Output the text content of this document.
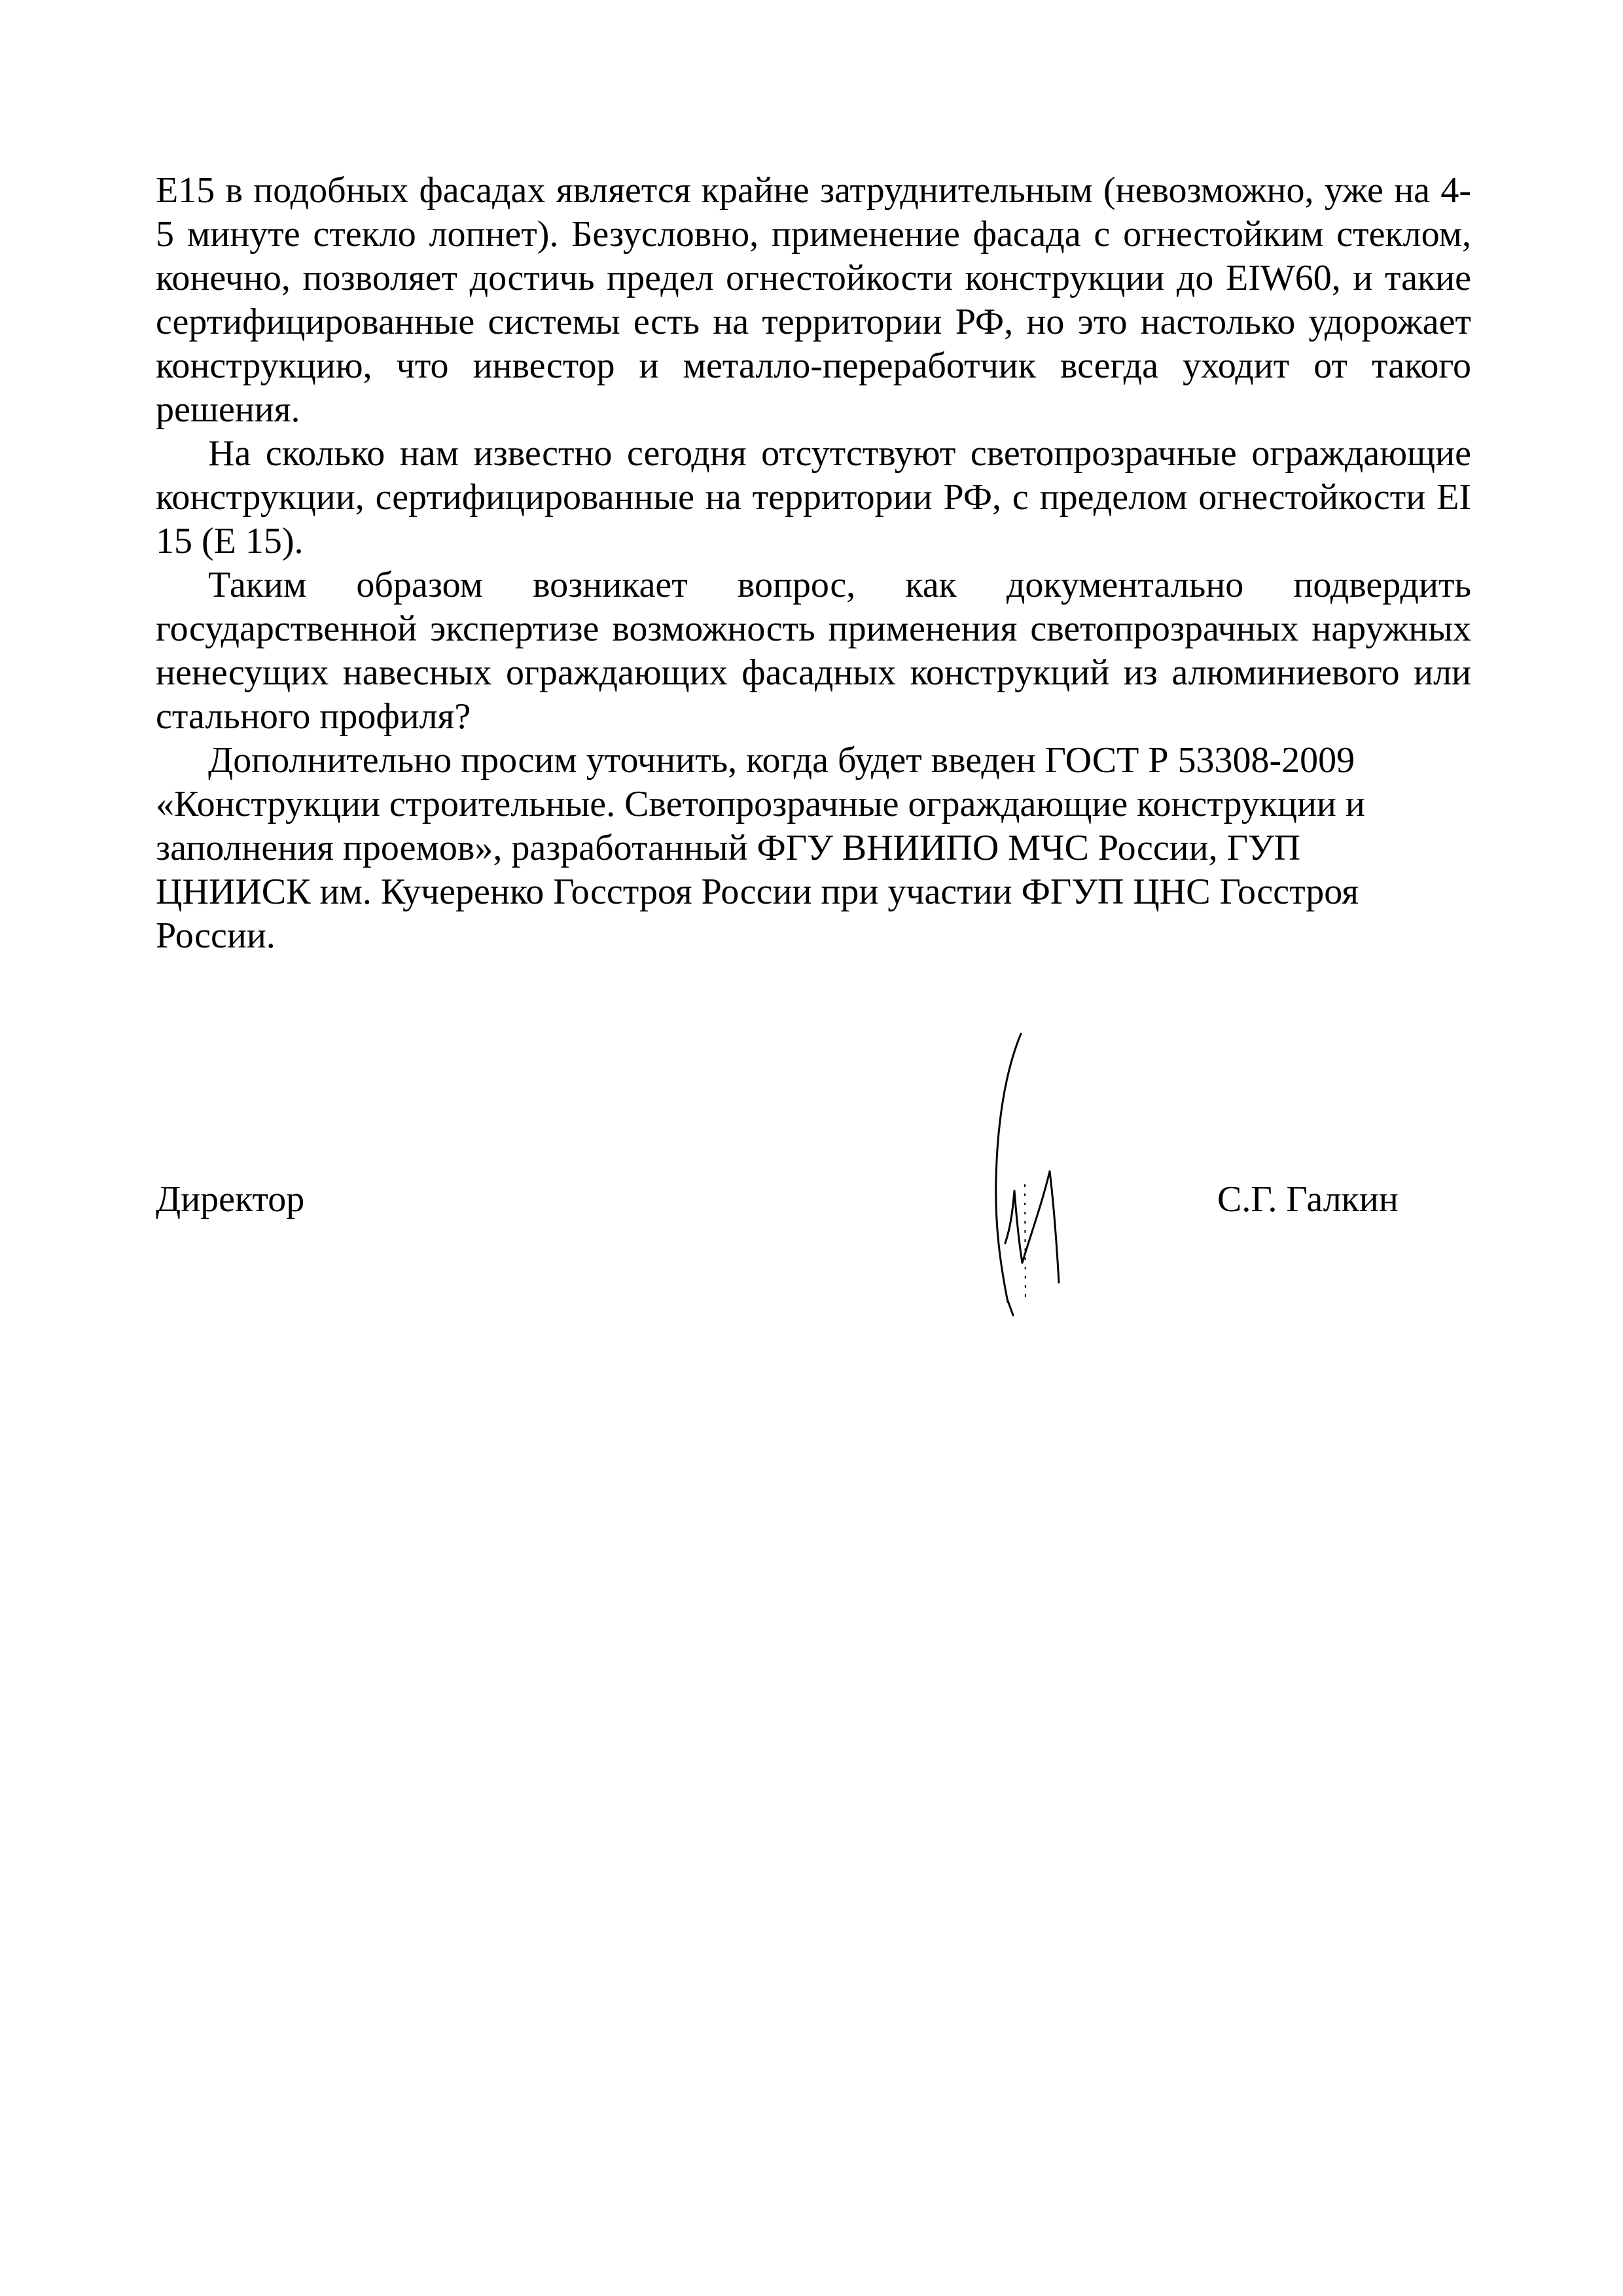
E15 в подобных фасадах является крайне затруднительным (невозможно, уже на 4-5 минуте стекло лопнет). Безусловно, применение фасада с огнестойким стеклом, конечно, позволяет достичь предел огнестойкости конструкции до EIW60, и такие сертифицированные системы есть на территории РФ, но это настолько удорожает конструкцию, что инвестор и металло-переработчик всегда уходит от такого решения.

На сколько нам известно сегодня отсутствуют светопрозрачные ограждающие конструкции, сертифицированные на территории РФ, с пределом огнестойкости EI 15 (E 15).

Таким образом возникает вопрос, как документально подвердить государственной экспертизе возможность применения светопрозрачных наружных ненесущих навесных ограждающих фасадных конструкций из алюминиевого или стального профиля?

Дополнительно просим уточнить, когда будет введен ГОСТ Р 53308-2009 «Конструкции строительные. Светопрозрачные ограждающие конструкции и заполнения проемов», разработанный ФГУ ВНИИПО МЧС России, ГУП ЦНИИСК им. Кучеренко Госстроя России при участии ФГУП ЦНС Госстроя России.

Директор	С.Г. Галкин
